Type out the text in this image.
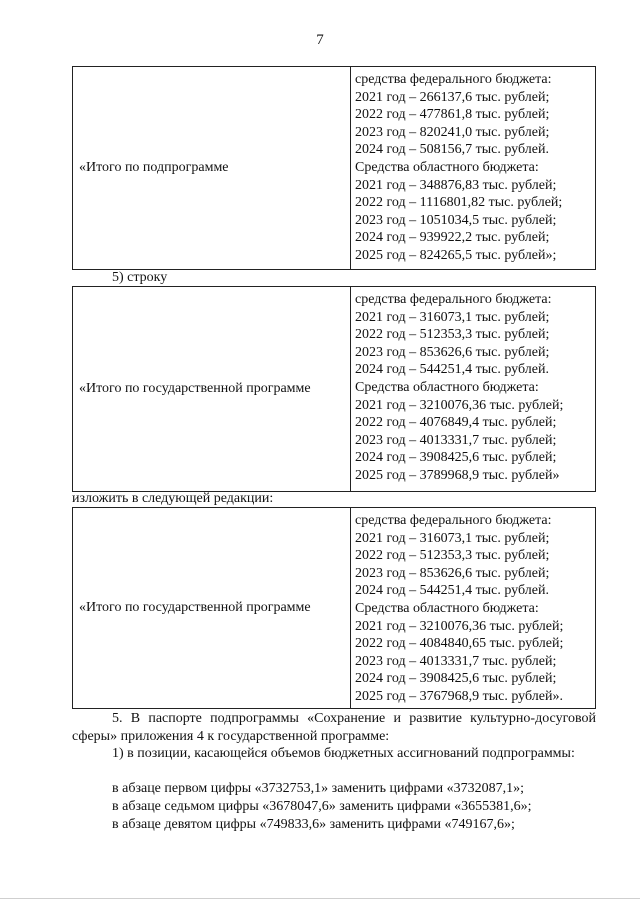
7
«Итого по подпрограмме
средства федерального бюджета:
2021 год – 266137,6 тыс. рублей;
2022 год – 477861,8 тыс. рублей;
2023 год – 820241,0 тыс. рублей;
2024 год – 508156,7 тыс. рублей.
Средства областного бюджета:
2021 год – 348876,83 тыс. рублей;
2022 год – 1116801,82 тыс. рублей;
2023 год – 1051034,5 тыс. рублей;
2024 год – 939922,2 тыс. рублей;
2025 год – 824265,5 тыс. рублей»;
5) строку
«Итого по государственной программе
средства федерального бюджета:
2021 год – 316073,1 тыс. рублей;
2022 год – 512353,3 тыс. рублей;
2023 год – 853626,6 тыс. рублей;
2024 год – 544251,4 тыс. рублей.
Средства областного бюджета:
2021 год – 3210076,36 тыс. рублей;
2022 год – 4076849,4 тыс. рублей;
2023 год – 4013331,7 тыс. рублей;
2024 год – 3908425,6 тыс. рублей;
2025 год – 3789968,9 тыс. рублей»
изложить в следующей редакции:
«Итого по государственной программе
средства федерального бюджета:
2021 год – 316073,1 тыс. рублей;
2022 год – 512353,3 тыс. рублей;
2023 год – 853626,6 тыс. рублей;
2024 год – 544251,4 тыс. рублей.
Средства областного бюджета:
2021 год – 3210076,36 тыс. рублей;
2022 год – 4084840,65 тыс. рублей;
2023 год – 4013331,7 тыс. рублей;
2024 год – 3908425,6 тыс. рублей;
2025 год – 3767968,9 тыс. рублей».
5. В паспорте подпрограммы «Сохранение и развитие культурно-досуговой сферы» приложения 4 к государственной программе:
1) в позиции, касающейся объемов бюджетных ассигнований подпрограммы:
в абзаце первом цифры «3732753,1» заменить цифрами «3732087,1»;
в абзаце седьмом цифры «3678047,6» заменить цифрами «3655381,6»;
в абзаце девятом цифры «749833,6» заменить цифрами «749167,6»;
